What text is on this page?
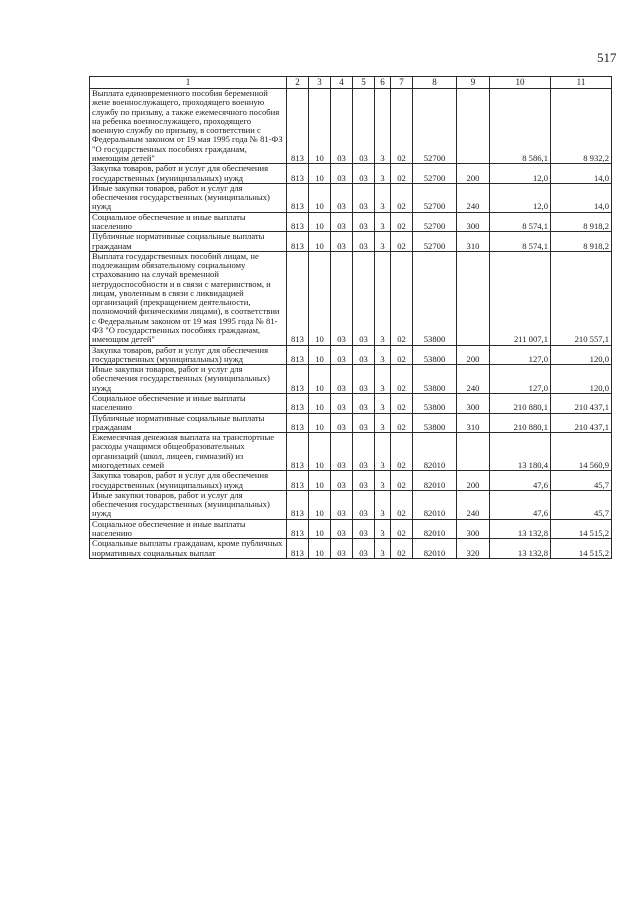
517
1	2	3	4	5	6	7	8	9	10	11
Выплата единовременного пособия беременной жене военнослужащего, проходящего военную службу по призыву, а также ежемесячного пособия на ребенка военнослужащего, проходящего военную службу по призыву, в соответствии с Федеральным законом от 19 мая 1995 года № 81-ФЗ "О государственных пособиях гражданам, имеющим детей"	813	10	03	03	3	02	52700		8 586,1	8 932,2
Закупка товаров, работ и услуг для обеспечения государственных (муниципальных) нужд	813	10	03	03	3	02	52700	200	12,0	14,0
Иные закупки товаров, работ и услуг для обеспечения государственных (муниципальных) нужд	813	10	03	03	3	02	52700	240	12,0	14,0
Социальное обеспечение и иные выплаты населению	813	10	03	03	3	02	52700	300	8 574,1	8 918,2
Публичные нормативные социальные выплаты гражданам	813	10	03	03	3	02	52700	310	8 574,1	8 918,2
Выплата государственных пособий лицам, не подлежащим обязательному социальному страхованию на случай временной нетрудоспособности и в связи с материнством, и лицам, уволенным в связи с ликвидацией организаций (прекращением деятельности, полномочий физическими лицами), в соответствии с Федеральным законом от 19 мая 1995 года № 81-ФЗ "О государственных пособиях гражданам, имеющим детей"	813	10	03	03	3	02	53800		211 007,1	210 557,1
Закупка товаров, работ и услуг для обеспечения государственных (муниципальных) нужд	813	10	03	03	3	02	53800	200	127,0	120,0
Иные закупки товаров, работ и услуг для обеспечения государственных (муниципальных) нужд	813	10	03	03	3	02	53800	240	127,0	120,0
Социальное обеспечение и иные выплаты населению	813	10	03	03	3	02	53800	300	210 880,1	210 437,1
Публичные нормативные социальные выплаты гражданам	813	10	03	03	3	02	53800	310	210 880,1	210 437,1
Ежемесячная денежная выплата на транспортные расходы учащимся общеобразовательных организаций (школ, лицеев, гимназий) из многодетных семей	813	10	03	03	3	02	82010		13 180,4	14 560,9
Закупка товаров, работ и услуг для обеспечения государственных (муниципальных) нужд	813	10	03	03	3	02	82010	200	47,6	45,7
Иные закупки товаров, работ и услуг для обеспечения государственных (муниципальных) нужд	813	10	03	03	3	02	82010	240	47,6	45,7
Социальное обеспечение и иные выплаты населению	813	10	03	03	3	02	82010	300	13 132,8	14 515,2
Социальные выплаты гражданам, кроме публичных нормативных социальных выплат	813	10	03	03	3	02	82010	320	13 132,8	14 515,2
